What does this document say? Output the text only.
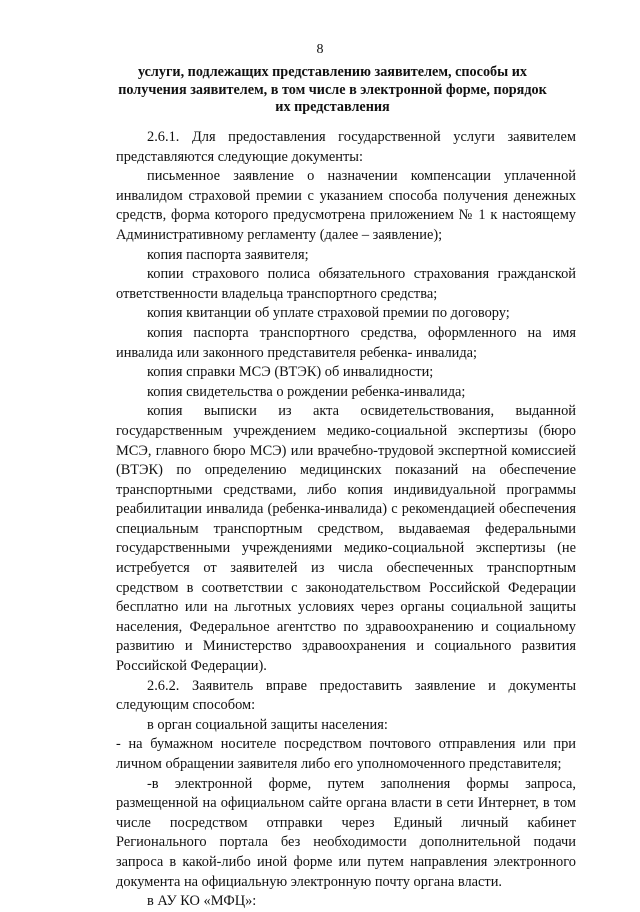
8
услуги, подлежащих представлению заявителем, способы их получения заявителем, в том числе в электронной форме, порядок их представления

2.6.1. Для предоставления государственной услуги заявителем представляются следующие документы:

письменное заявление о назначении компенсации уплаченной инвалидом страховой премии с указанием способа получения денежных средств, форма которого предусмотрена приложением № 1 к настоящему Административному регламенту (далее – заявление);

копия паспорта заявителя;

копии страхового полиса обязательного страхования гражданской ответственности владельца транспортного средства;

копия квитанции об уплате страховой премии по договору;

копия паспорта транспортного средства, оформленного на имя инвалида или законного представителя ребенка- инвалида;

копия справки МСЭ (ВТЭК) об инвалидности;

копия свидетельства о рождении ребенка-инвалида;

копия выписки из акта освидетельствования, выданной государственным учреждением медико-социальной экспертизы (бюро МСЭ, главного бюро МСЭ) или врачебно-трудовой экспертной комиссией (ВТЭК) по определению медицинских показаний на обеспечение транспортными средствами, либо копия индивидуальной программы реабилитации инвалида (ребенка-инвалида) с рекомендацией обеспечения специальным транспортным средством, выдаваемая федеральными государственными учреждениями медико-социальной экспертизы (не истребуется от заявителей из числа обеспеченных транспортным средством в соответствии с законодательством Российской Федерации бесплатно или на льготных условиях через органы социальной защиты населения, Федеральное агентство по здравоохранению и социальному развитию и Министерство здравоохранения и социального развития Российской Федерации).

2.6.2. Заявитель вправе предоставить заявление и документы следующим способом:

в орган социальной защиты населения:

- на бумажном носителе посредством почтового отправления или при личном обращении заявителя либо его уполномоченного представителя;

-в электронной форме, путем заполнения формы запроса, размещенной на официальном сайте органа власти в сети Интернет, в том числе посредством отправки через Единый личный кабинет Регионального портала без необходимости дополнительной подачи запроса в какой-либо иной форме или путем направления электронного документа на официальную электронную почту органа власти.

в АУ КО «МФЦ»:
